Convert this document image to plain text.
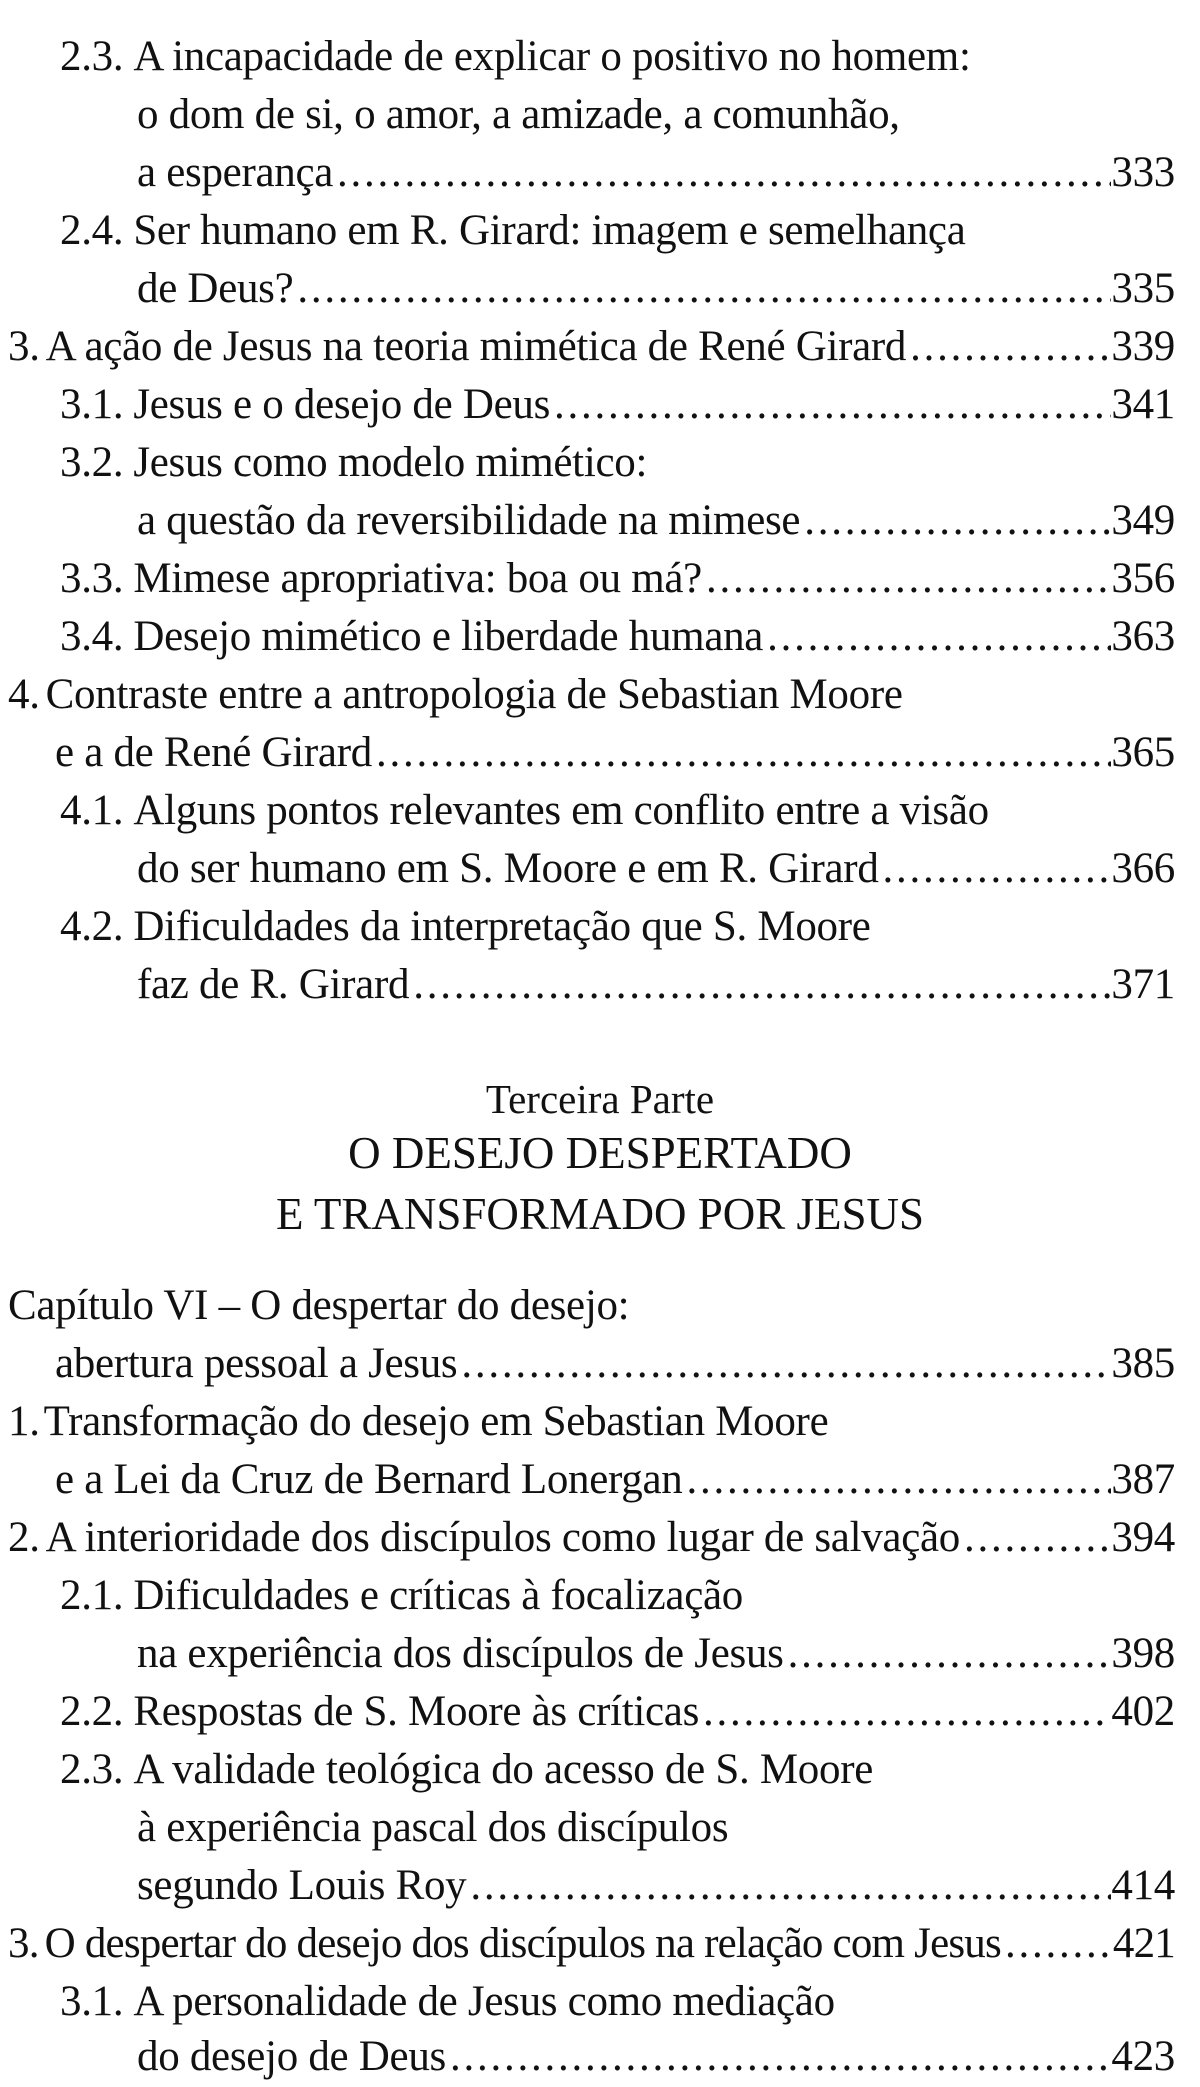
2.3. A incapacidade de explicar o positivo no homem:
o dom de si, o amor, a amizade, a comunhão,
a esperança . . .	333
2.4. Ser humano em R. Girard: imagem e semelhança
de Deus? . . .	335
3. A ação de Jesus na teoria mimética de René Girard . . .	339
3.1. Jesus e o desejo de Deus . . .	341
3.2. Jesus como modelo mimético:
a questão da reversibilidade na mimese . . .	349
3.3. Mimese apropriativa: boa ou má? . . .	356
3.4. Desejo mimético e liberdade humana . . .	363
4. Contraste entre a antropologia de Sebastian Moore
e a de René Girard . . .	365
4.1. Alguns pontos relevantes em conflito entre a visão
do ser humano em S. Moore e em R. Girard . . .	366
4.2. Dificuldades da interpretação que S. Moore
faz de R. Girard . . .	371
Terceira Parte
O DESEJO DESPERTADO
E TRANSFORMADO POR JESUS
Capítulo VI – O despertar do desejo:
abertura pessoal a Jesus . . .	385
1.Transformação do desejo em Sebastian Moore
e a Lei da Cruz de Bernard Lonergan . . .	387
2. A interioridade dos discípulos como lugar de salvação . . .	394
2.1. Dificuldades e críticas à focalização
na experiência dos discípulos de Jesus . . .	398
2.2. Respostas de S. Moore às críticas . . .	402
2.3. A validade teológica do acesso de S. Moore
à experiência pascal dos discípulos
segundo Louis Roy . . .	414
3. O despertar do desejo dos discípulos na relação com Jesus . . .	421
3.1. A personalidade de Jesus como mediação
do desejo de Deus . . .	423
